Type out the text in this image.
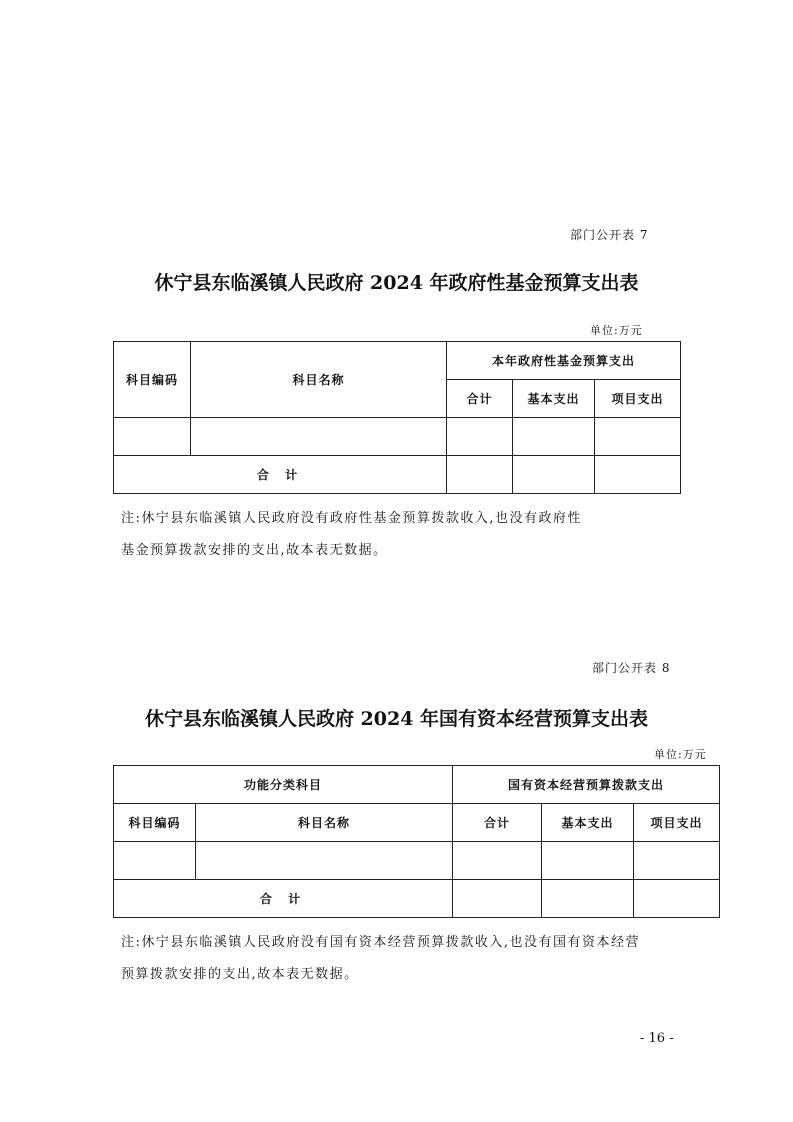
部门公开表 7
休宁县东临溪镇人民政府 2024 年政府性基金预算支出表
单位:万元
科目编码	科目名称	本年政府性基金预算支出		
		合计	基本支出	项目支出

合 计				
注:休宁县东临溪镇人民政府没有政府性基金预算拨款收入,也没有政府性
基金预算拨款安排的支出,故本表无数据。
部门公开表 8
休宁县东临溪镇人民政府 2024 年国有资本经营预算支出表
单位:万元
功能分类科目		国有资本经营预算拨款支出		
科目编码	科目名称	合计	基本支出	项目支出

合 计				
注:休宁县东临溪镇人民政府没有国有资本经营预算拨款收入,也没有国有资本经营
预算拨款安排的支出,故本表无数据。
- 16 -
